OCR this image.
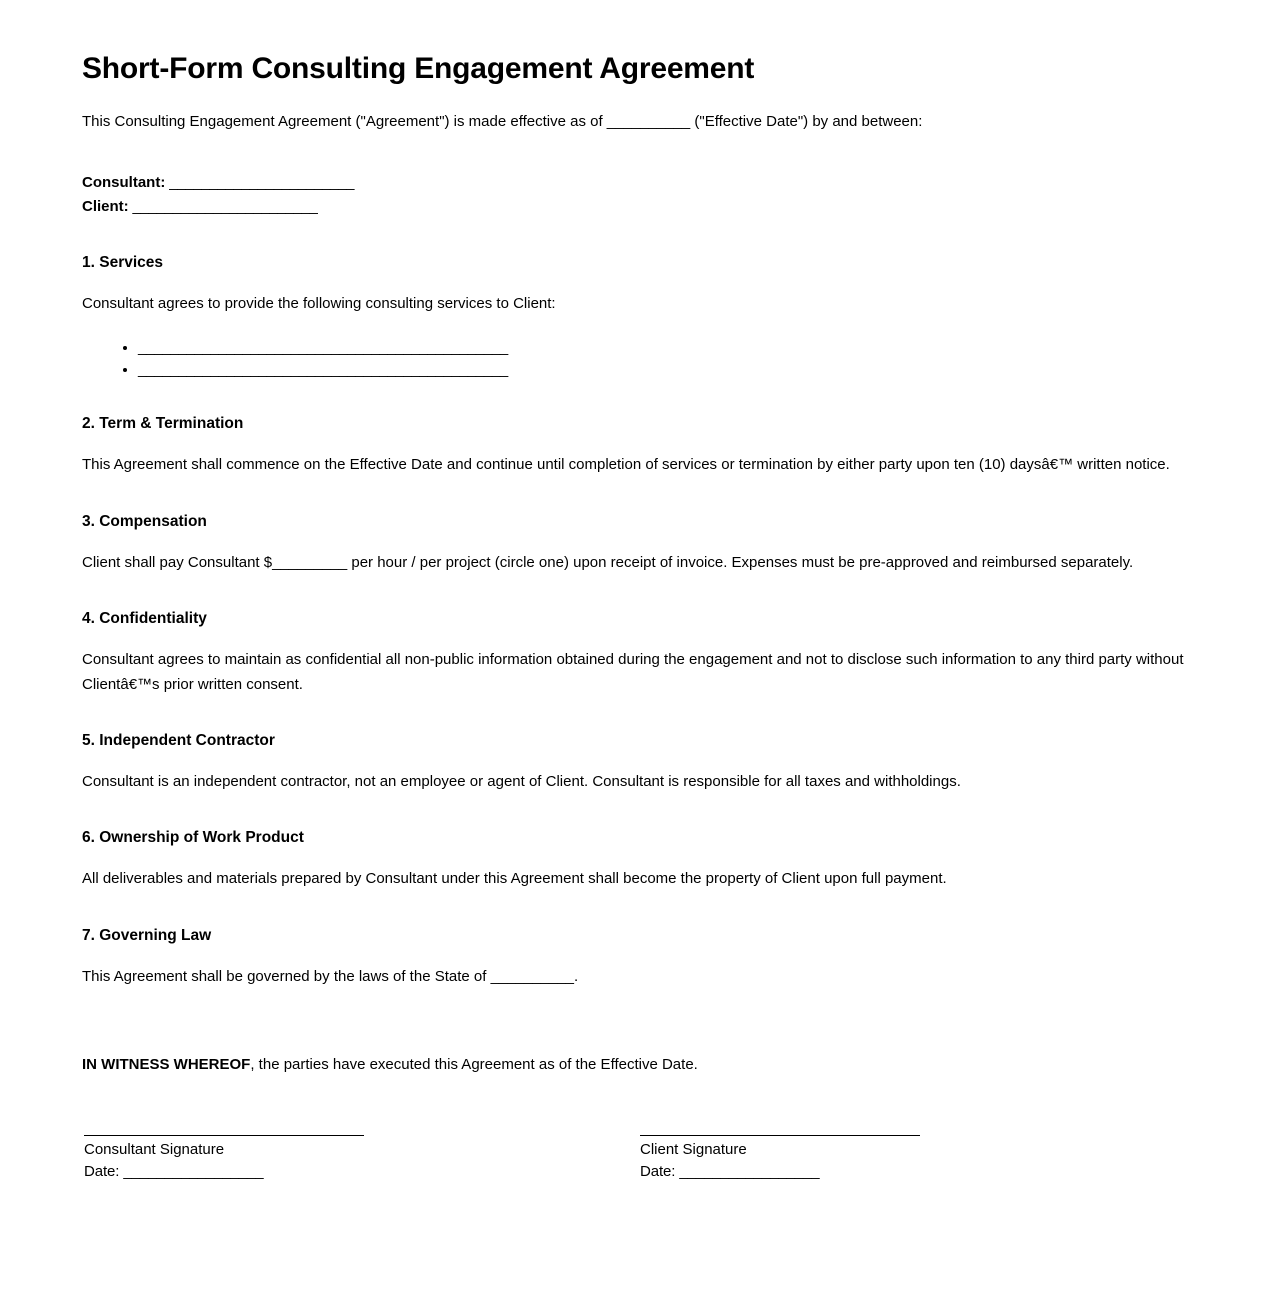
Short-Form Consulting Engagement Agreement

This Consulting Engagement Agreement ("Agreement") is made effective as of __________ ("Effective Date") by and between:

Consultant: _______________________
Client: _______________________
1. Services

Consultant agrees to provide the following consulting services to Client:

• ______________________________________________
• ______________________________________________
2. Term & Termination

This Agreement shall commence on the Effective Date and continue until completion of services or termination by either party upon ten (10) daysâ€™ written notice.

3. Compensation

Client shall pay Consultant $_________ per hour / per project (circle one) upon receipt of invoice. Expenses must be pre-approved and reimbursed separately.

4. Confidentiality

Consultant agrees to maintain as confidential all non-public information obtained during the engagement and not to disclose such information to any third party without Clientâ€™s prior written consent.

5. Independent Contractor

Consultant is an independent contractor, not an employee or agent of Client. Consultant is responsible for all taxes and withholdings.

6. Ownership of Work Product

All deliverables and materials prepared by Consultant under this Agreement shall become the property of Client upon full payment.

7. Governing Law

This Agreement shall be governed by the laws of the State of __________.

IN WITNESS WHEREOF, the parties have executed this Agreement as of the Effective Date.

Consultant Signature
Date: _________________
Client Signature
Date: _________________
